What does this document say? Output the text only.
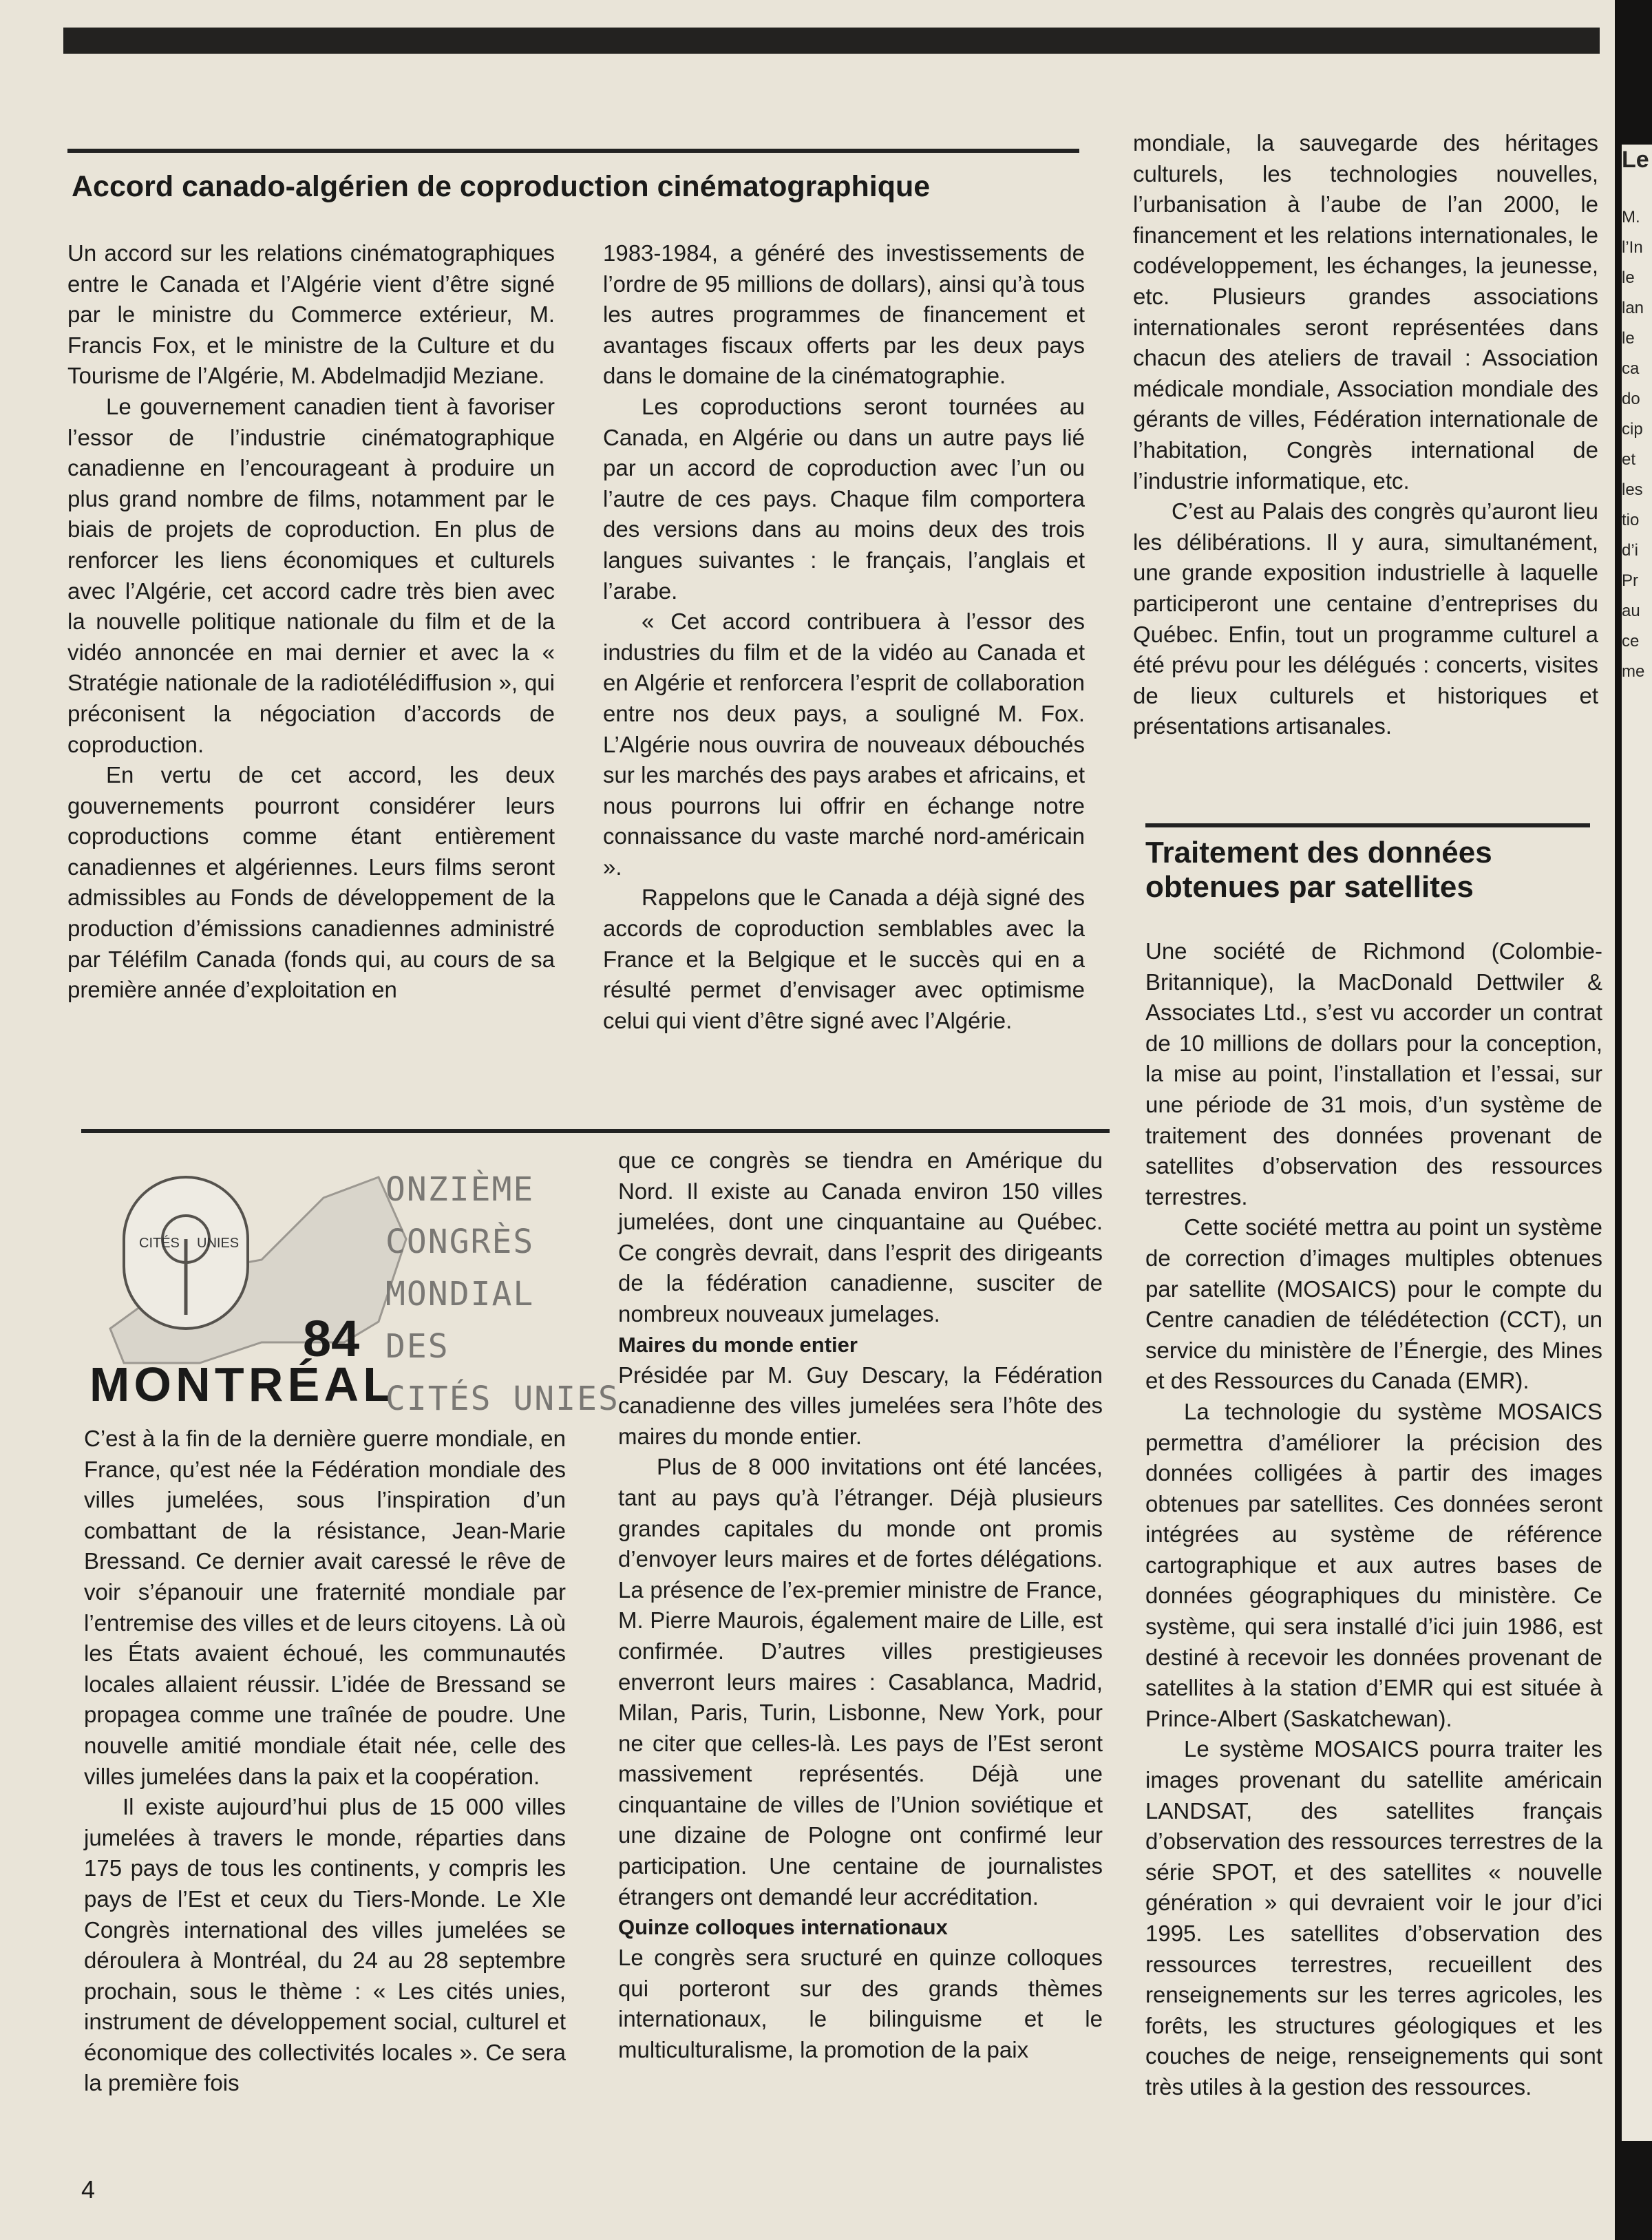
Le
M.
l’In
le
lan
le
ca
do
cip
et
les
tio
d’i
Pr
au
ce
me

Accord canado-algérien de coproduction cinématographique

Un accord sur les relations cinématographiques entre le Canada et l’Algérie vient d’être signé par le ministre du Commerce extérieur, M. Francis Fox, et le ministre de la Culture et du Tourisme de l’Algérie, M. Abdelmadjid Meziane.

Le gouvernement canadien tient à favoriser l’essor de l’industrie cinématographique canadienne en l’encourageant à produire un plus grand nombre de films, notamment par le biais de projets de coproduction. En plus de renforcer les liens économiques et culturels avec l’Algérie, cet accord cadre très bien avec la nouvelle politique nationale du film et de la vidéo annoncée en mai dernier et avec la « Stratégie nationale de la radiotélédiffusion », qui préconisent la négociation d’accords de coproduction.

En vertu de cet accord, les deux gouvernements pourront considérer leurs coproductions comme étant entièrement canadiennes et algériennes. Leurs films seront admissibles au Fonds de développement de la production d’émissions canadiennes administré par Téléfilm Canada (fonds qui, au cours de sa première année d’exploitation en

1983-1984, a généré des investissements de l’ordre de 95 millions de dollars), ainsi qu’à tous les autres programmes de financement et avantages fiscaux offerts par les deux pays dans le domaine de la cinématographie.

Les coproductions seront tournées au Canada, en Algérie ou dans un autre pays lié par un accord de coproduction avec l’un ou l’autre de ces pays. Chaque film comportera des versions dans au moins deux des trois langues suivantes : le français, l’anglais et l’arabe.

« Cet accord contribuera à l’essor des industries du film et de la vidéo au Canada et en Algérie et renforcera l’esprit de collaboration entre nos deux pays, a souligné M. Fox. L’Algérie nous ouvrira de nouveaux débouchés sur les marchés des pays arabes et africains, et nous pourrons lui offrir en échange notre connaissance du vaste marché nord-américain ».

Rappelons que le Canada a déjà signé des accords de coproduction semblables avec la France et la Belgique et le succès qui en a résulté permet d’envisager avec optimisme celui qui vient d’être signé avec l’Algérie.

mondiale, la sauvegarde des héritages culturels, les technologies nouvelles, l’urbanisation à l’aube de l’an 2000, le financement et les relations internationales, le codéveloppement, les échanges, la jeunesse, etc. Plusieurs grandes associations internationales seront représentées dans chacun des ateliers de travail : Association médicale mondiale, Association mondiale des gérants de villes, Fédération internationale de l’habitation, Congrès international de l’industrie informatique, etc.

C’est au Palais des congrès qu’auront lieu les délibérations. Il y aura, simultanément, une grande exposition industrielle à laquelle participeront une centaine d’entreprises du Québec. Enfin, tout un programme culturel a été prévu pour les délégués : concerts, visites de lieux culturels et historiques et présentations artisanales.

Traitement des données
obtenues par satellites

Une société de Richmond (Colombie-Britannique), la MacDonald Dettwiler & Associates Ltd., s’est vu accorder un contrat de 10 millions de dollars pour la conception, la mise au point, l’installation et l’essai, sur une période de 31 mois, d’un système de traitement des données provenant de satellites d’observation des ressources terrestres.

Cette société mettra au point un système de correction d’images multiples obtenues par satellite (MOSAICS) pour le compte du Centre canadien de télédétection (CCT), un service du ministère de l’Énergie, des Mines et des Ressources du Canada (EMR).

La technologie du système MOSAICS permettra d’améliorer la précision des données colligées à partir des images obtenues par satellites. Ces données seront intégrées au système de référence cartographique et aux autres bases de données géographiques du ministère. Ce système, qui sera installé d’ici juin 1986, est destiné à recevoir les données provenant de satellites à la station d’EMR qui est située à Prince-Albert (Saskatchewan).

Le système MOSAICS pourra traiter les images provenant du satellite américain LANDSAT, des satellites français d’observation des ressources terrestres de la série SPOT, et des satellites « nouvelle génération » qui devraient voir le jour d’ici 1995. Les satellites d’observation des ressources terrestres, recueillent des renseignements sur les terres agricoles, les forêts, les structures géologiques et les couches de neige, renseignements qui sont très utiles à la gestion des ressources.

CITÉS UNIES
84
MONTRÉAL
ONZIÈME
CONGRÈS
MONDIAL
DES
CITÉS UNIES

C’est à la fin de la dernière guerre mondiale, en France, qu’est née la Fédération mondiale des villes jumelées, sous l’inspiration d’un combattant de la résistance, Jean-Marie Bressand. Ce dernier avait caressé le rêve de voir s’épanouir une fraternité mondiale par l’entremise des villes et de leurs citoyens. Là où les États avaient échoué, les communautés locales allaient réussir. L’idée de Bressand se propagea comme une traînée de poudre. Une nouvelle amitié mondiale était née, celle des villes jumelées dans la paix et la coopération.

Il existe aujourd’hui plus de 15 000 villes jumelées à travers le monde, réparties dans 175 pays de tous les continents, y compris les pays de l’Est et ceux du Tiers-Monde. Le XIe Congrès international des villes jumelées se déroulera à Montréal, du 24 au 28 septembre prochain, sous le thème : « Les cités unies, instrument de développement social, culturel et économique des collectivités locales ». Ce sera la première fois

que ce congrès se tiendra en Amérique du Nord. Il existe au Canada environ 150 villes jumelées, dont une cinquantaine au Québec. Ce congrès devrait, dans l’esprit des dirigeants de la fédération canadienne, susciter de nombreux nouveaux jumelages.

Maires du monde entier

Présidée par M. Guy Descary, la Fédération canadienne des villes jumelées sera l’hôte des maires du monde entier.

Plus de 8 000 invitations ont été lancées, tant au pays qu’à l’étranger. Déjà plusieurs grandes capitales du monde ont promis d’envoyer leurs maires et de fortes délégations. La présence de l’ex-premier ministre de France, M. Pierre Maurois, également maire de Lille, est confirmée. D’autres villes prestigieuses enverront leurs maires : Casablanca, Madrid, Milan, Paris, Turin, Lisbonne, New York, pour ne citer que celles-là. Les pays de l’Est seront massivement représentés. Déjà une cinquantaine de villes de l’Union soviétique et une dizaine de Pologne ont confirmé leur participation. Une centaine de journalistes étrangers ont demandé leur accréditation.

Quinze colloques internationaux

Le congrès sera sructuré en quinze colloques qui porteront sur des grands thèmes internationaux, le bilinguisme et le multiculturalisme, la promotion de la paix

4
